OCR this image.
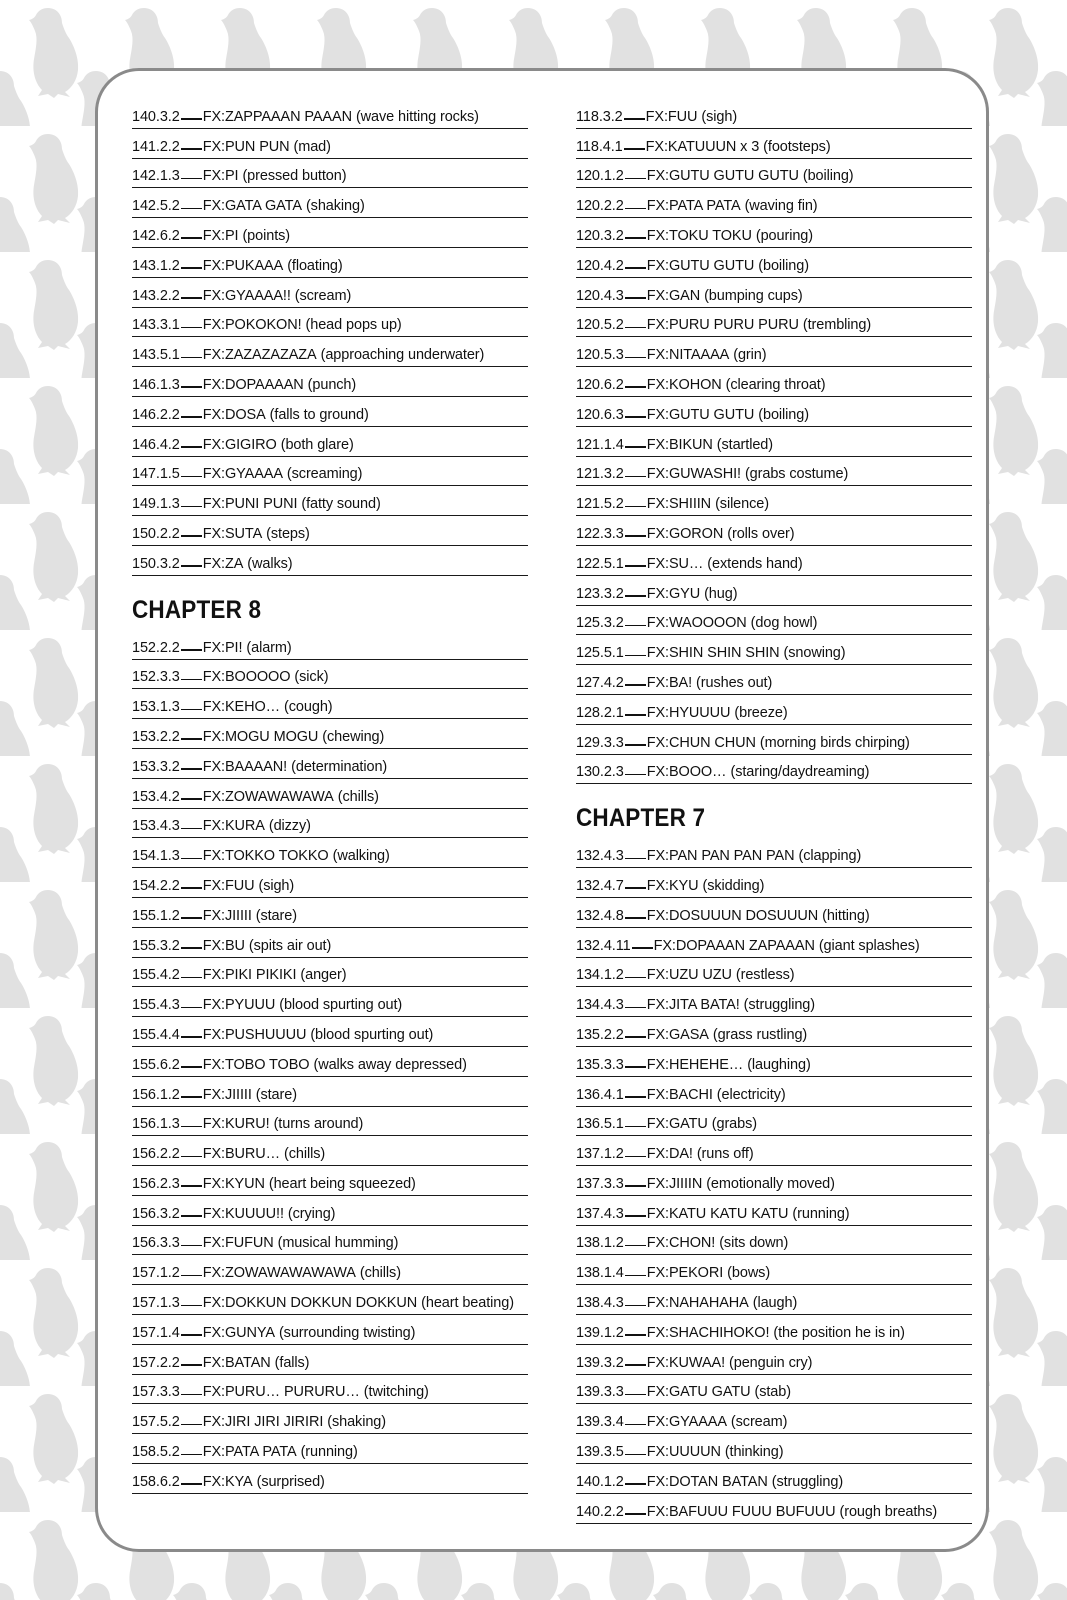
140.3.2 FX: ZAPPAAAN PAAAN (wave hitting rocks)
141.2.2 FX: PUN PUN (mad)
142.1.3 FX: PI (pressed button)
142.5.2 FX: GATA GATA (shaking)
142.6.2 FX: PI (points)
143.1.2 FX: PUKAAA (floating)
143.2.2 FX: GYAAAA!! (scream)
143.3.1 FX: POKOKON! (head pops up)
143.5.1 FX: ZAZAZAZAZA (approaching underwater)
146.1.3 FX: DOPAAAAN (punch)
146.2.2 FX: DOSA (falls to ground)
146.4.2 FX: GIGIRO (both glare)
147.1.5 FX: GYAAAA (screaming)
149.1.3 FX: PUNI PUNI (fatty sound)
150.2.2 FX: SUTA (steps)
150.3.2 FX: ZA (walks)
CHAPTER 8
152.2.2 FX: PI! (alarm)
152.3.3 FX: BOOOOO (sick)
153.1.3 FX: KEHO… (cough)
153.2.2 FX: MOGU MOGU (chewing)
153.3.2 FX: BAAAAN! (determination)
153.4.2 FX: ZOWAWAWAWA (chills)
153.4.3 FX: KURA (dizzy)
154.1.3 FX: TOKKO TOKKO (walking)
154.2.2 FX: FUU (sigh)
155.1.2 FX: JIIIII (stare)
155.3.2 FX: BU (spits air out)
155.4.2 FX: PIKI PIKIKI (anger)
155.4.3 FX: PYUUU (blood spurting out)
155.4.4 FX: PUSHUUUU (blood spurting out)
155.6.2 FX: TOBO TOBO (walks away depressed)
156.1.2 FX: JIIIII (stare)
156.1.3 FX: KURU! (turns around)
156.2.2 FX: BURU… (chills)
156.2.3 FX: KYUN (heart being squeezed)
156.3.2 FX: KUUUU!! (crying)
156.3.3 FX: FUFUN (musical humming)
157.1.2 FX: ZOWAWAWAWAWA (chills)
157.1.3 FX: DOKKUN DOKKUN DOKKUN (heart beating)
157.1.4 FX: GUNYA (surrounding twisting)
157.2.2 FX: BATAN (falls)
157.3.3 FX: PURU… PURURU… (twitching)
157.5.2 FX: JIRI JIRI JIRIRI (shaking)
158.5.2 FX: PATA PATA (running)
158.6.2 FX: KYA (surprised)
118.3.2 FX: FUU (sigh)
118.4.1 FX: KATUUUN x 3 (footsteps)
120.1.2 FX: GUTU GUTU GUTU (boiling)
120.2.2 FX: PATA PATA (waving fin)
120.3.2 FX: TOKU TOKU (pouring)
120.4.2 FX: GUTU GUTU (boiling)
120.4.3 FX: GAN (bumping cups)
120.5.2 FX: PURU PURU PURU (trembling)
120.5.3 FX: NITAAAA (grin)
120.6.2 FX: KOHON (clearing throat)
120.6.3 FX: GUTU GUTU (boiling)
121.1.4 FX: BIKUN (startled)
121.3.2 FX: GUWASHI! (grabs costume)
121.5.2 FX: SHIIIN (silence)
122.3.3 FX: GORON (rolls over)
122.5.1 FX: SU… (extends hand)
123.3.2 FX: GYU (hug)
125.3.2 FX: WAOOOON (dog howl)
125.5.1 FX: SHIN SHIN SHIN (snowing)
127.4.2 FX: BA! (rushes out)
128.2.1 FX: HYUUUU (breeze)
129.3.3 FX: CHUN CHUN (morning birds chirping)
130.2.3 FX: BOOO… (staring/daydreaming)
CHAPTER 7
132.4.3 FX: PAN PAN PAN PAN (clapping)
132.4.7 FX: KYU (skidding)
132.4.8 FX: DOSUUUN DOSUUUN (hitting)
132.4.11 FX: DOPAAAN ZAPAAAN (giant splashes)
134.1.2 FX: UZU UZU (restless)
134.4.3 FX: JITA BATA! (struggling)
135.2.2 FX: GASA (grass rustling)
135.3.3 FX: HEHEHE… (laughing)
136.4.1 FX: BACHI (electricity)
136.5.1 FX: GATU (grabs)
137.1.2 FX: DA! (runs off)
137.3.3 FX: JIIIIN (emotionally moved)
137.4.3 FX: KATU KATU KATU (running)
138.1.2 FX: CHON! (sits down)
138.1.4 FX: PEKORI (bows)
138.4.3 FX: NAHAHAHA (laugh)
139.1.2 FX: SHACHIHOKO! (the position he is in)
139.3.2 FX: KUWAA! (penguin cry)
139.3.3 FX: GATU GATU (stab)
139.3.4 FX: GYAAAA (scream)
139.3.5 FX: UUUUN (thinking)
140.1.2 FX: DOTAN BATAN (struggling)
140.2.2 FX: BAFUUU FUUU BUFUUU (rough breaths)
